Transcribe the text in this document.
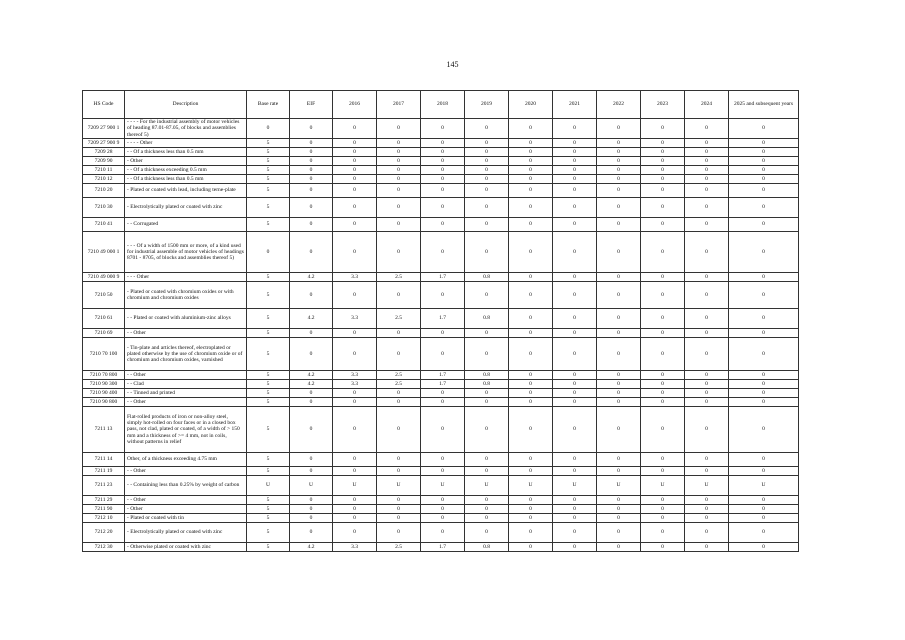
145
HS Code	Description	Base rate	EIF	2016	2017	2018	2019	2020	2021	2022	2023	2024	2025 and subsequent years
7209 27 900 1	- - - - For the industrial assembly of motor vehicles of heading 87.01-87.05, of blocks and assemblies thereof 5)	0	0	0	0	0	0	0	0	0	0	0	0
7209 27 900 9	- - - - Other	5	0	0	0	0	0	0	0	0	0	0	0
7209 28	- - Of a thickness less than 0.5 mm	5	0	0	0	0	0	0	0	0	0	0	0
7209 90	- Other	5	0	0	0	0	0	0	0	0	0	0	0
7210 11	- - Of a thickness exceeding 0.5 mm	5	0	0	0	0	0	0	0	0	0	0	0
7210 12	- - Of a thickness less than 0.5 mm	5	0	0	0	0	0	0	0	0	0	0	0
7210 20	- Plated or coated with lead, including terne-plate	5	0	0	0	0	0	0	0	0	0	0	0
7210 30	- Electrolytically plated or coated with zinc	5	0	0	0	0	0	0	0	0	0	0	0
7210 41	- - Corrugated	5	0	0	0	0	0	0	0	0	0	0	0
7210 49 000 1	- - - Of a width of 1500 mm or more, of a kind used for industrial assemble of motor vehicles of headings 8701 - 8705, of blocks and assemblies thereof 5)	0	0	0	0	0	0	0	0	0	0	0	0
7210 49 000 9	- - - Other	5	4.2	3.3	2.5	1.7	0.8	0	0	0	0	0	0
7210 50	- Plated or coated with chromium oxides or with chromium and chromium oxides	5	0	0	0	0	0	0	0	0	0	0	0
7210 61	- - Plated or coated with aluminium-zinc alloys	5	4.2	3.3	2.5	1.7	0.8	0	0	0	0	0	0
7210 69	- - Other	5	0	0	0	0	0	0	0	0	0	0	0
7210 70 100	- Tin-plate and articles thereof, electroplated or plated otherwise by the use of chromium oxide or of chromium and chromium oxides, varnished	5	0	0	0	0	0	0	0	0	0	0	0
7210 70 800	- - Other	5	4.2	3.3	2.5	1.7	0.8	0	0	0	0	0	0
7210 90 300	- - Clad	5	4.2	3.3	2.5	1.7	0.8	0	0	0	0	0	0
7210 90 400	- - Tinned and printed	5	0	0	0	0	0	0	0	0	0	0	0
7210 90 800	- - Other	5	0	0	0	0	0	0	0	0	0	0	0
7211 13	Flat-rolled products of iron or non-alloy steel, simply hot-rolled on four faces or in a closed box pass, not clad, plated or coated, of a width of > 150 mm and a thickness of >= 4 mm, not in coils, without patterns in relief	5	0	0	0	0	0	0	0	0	0	0	0
7211 14	Other, of a thickness exceeding 4.75 mm	5	0	0	0	0	0	0	0	0	0	0	0
7211 19	- - Other	5	0	0	0	0	0	0	0	0	0	0	0
7211 23	- - Containing less than 0.25% by weight of carbon	U	U	U	U	U	U	U	U	U	U	U	U
7211 29	- - Other	5	0	0	0	0	0	0	0	0	0	0	0
7211 90	- Other	5	0	0	0	0	0	0	0	0	0	0	0
7212 10	- Plated or coated with tin	5	0	0	0	0	0	0	0	0	0	0	0
7212 20	- Electrolytically plated or coated with zinc	5	0	0	0	0	0	0	0	0	0	0	0
7212 30	- Otherwise plated or coated with zinc	5	4.2	3.3	2.5	1.7	0.8	0	0	0	0	0	0
